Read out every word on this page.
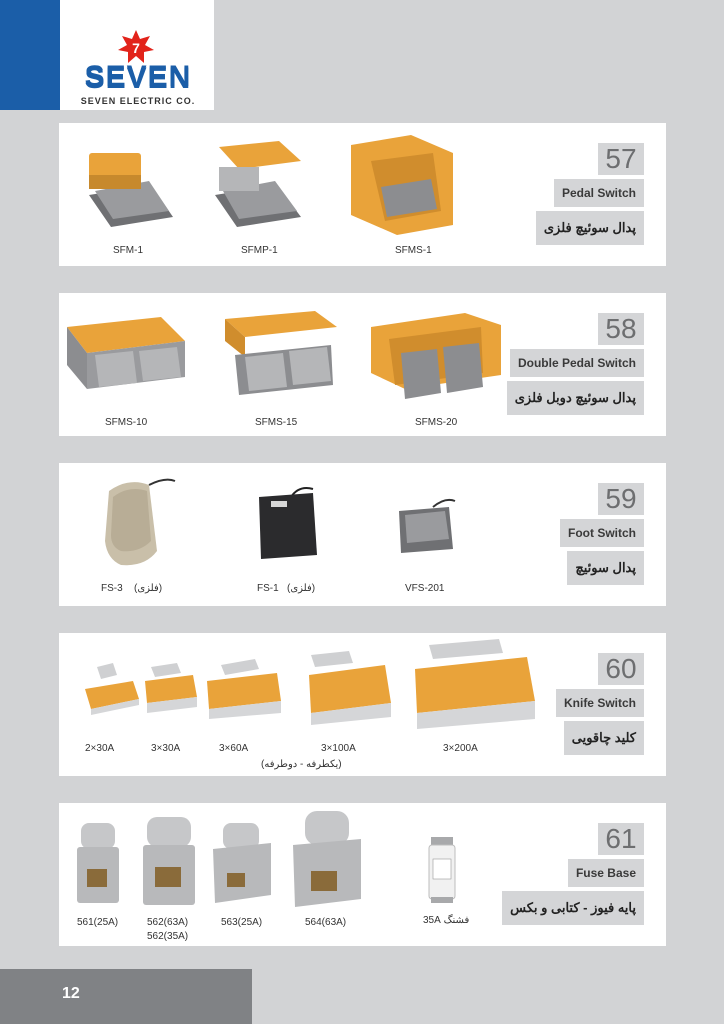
7
SEVEN
SEVEN ELECTRIC CO.
SFM-1	SFMP-1	SFMS-1
57
Pedal Switch
پدال سوئیچ فلزی
SFMS-10	SFMS-15	SFMS-20
58
Double Pedal Switch
پدال سوئیچ دوبل فلزی
FS-3 (فلزی)	FS-1 (فلزی)	VFS-201
59
Foot Switch
پدال سوئیچ
2×30A	3×30A	3×60A
(یکطرفه - دوطرفه)
3×100A	3×200A
60
Knife Switch
کلید چاقویی
561(25A)	562(63A)
562(35A)
563(25A)	564(63A)	فشنگ 35A
61
Fuse Base
پایه فیوز - کتابی و بکس
12
